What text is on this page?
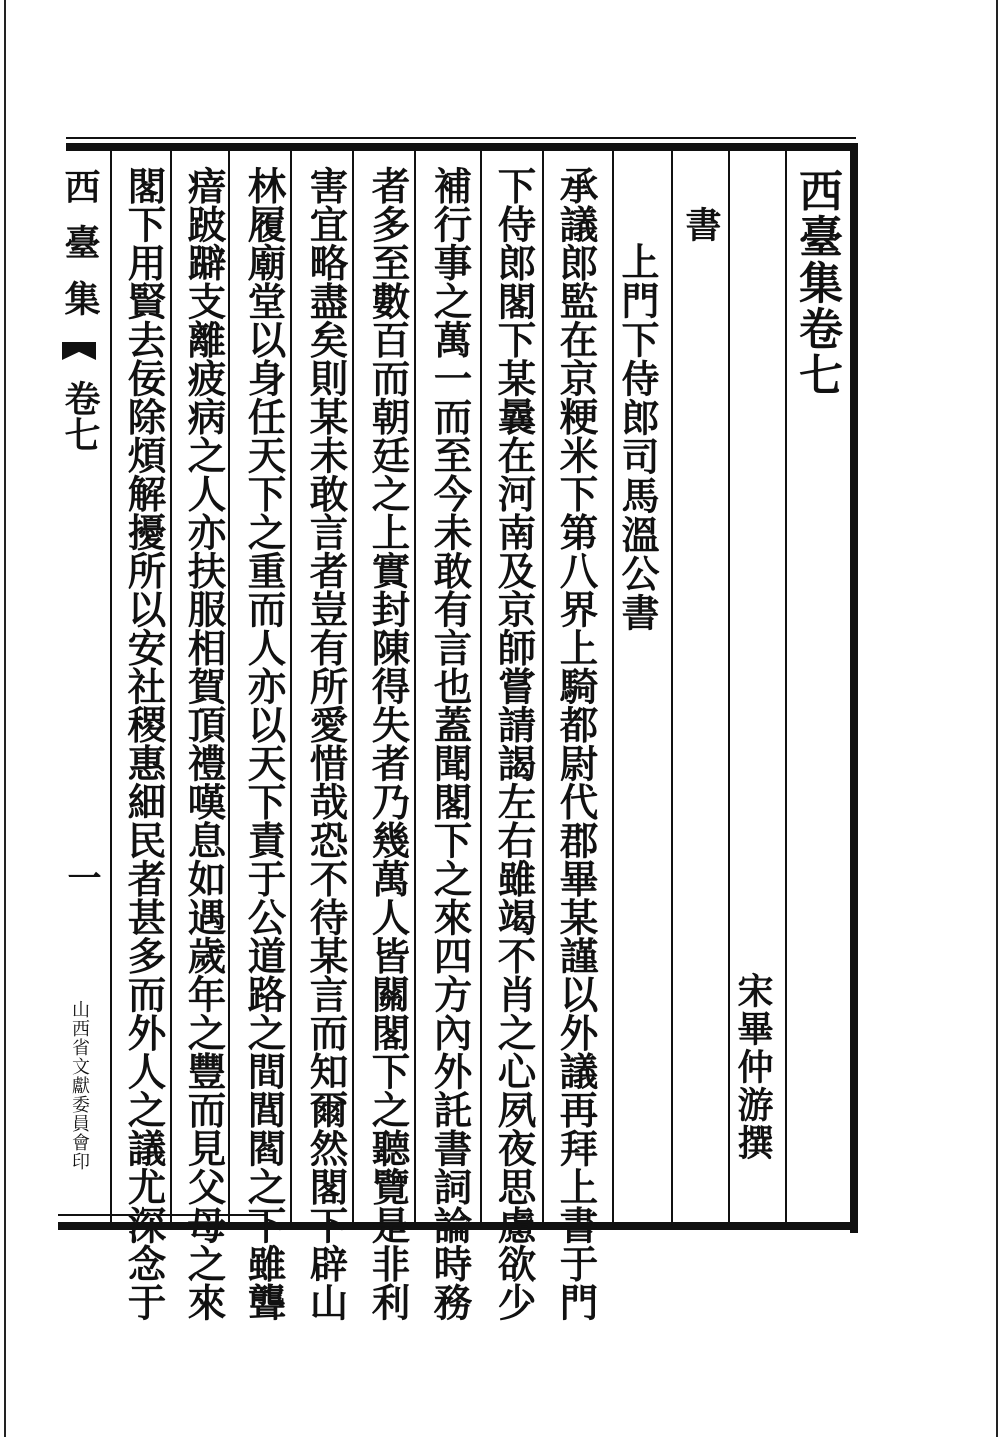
西臺集卷七
書
上門下侍郎司馬溫公書
宋畢仲游撰
承議郎監在京粳米下第八界上騎都尉代郡畢某謹以外議再拜上書于門
下侍郎閣下某曩在河南及京師嘗請謁左右雖竭不肖之心夙夜思慮欲少
補行事之萬一而至今未敢有言也蓋聞閣下之來四方內外託書詞論時務
者多至數百而朝廷之上實封陳得失者乃幾萬人皆關閣下之聽覽是非利
害宜略盡矣則某未敢言者豈有所愛惜哉恐不待某言而知爾然閣下辟山
林履廟堂以身任天下之重而人亦以天下責于公道路之間閭閻之下雖聾
瘖跛躃支離疲病之人亦扶服相賀頂禮嘆息如遇歲年之豐而見父母之來
閣下用賢去佞除煩解擾所以安社稷惠細民者甚多而外人之議尤深念于
西臺集
卷七
一
山西省文獻委員會印
